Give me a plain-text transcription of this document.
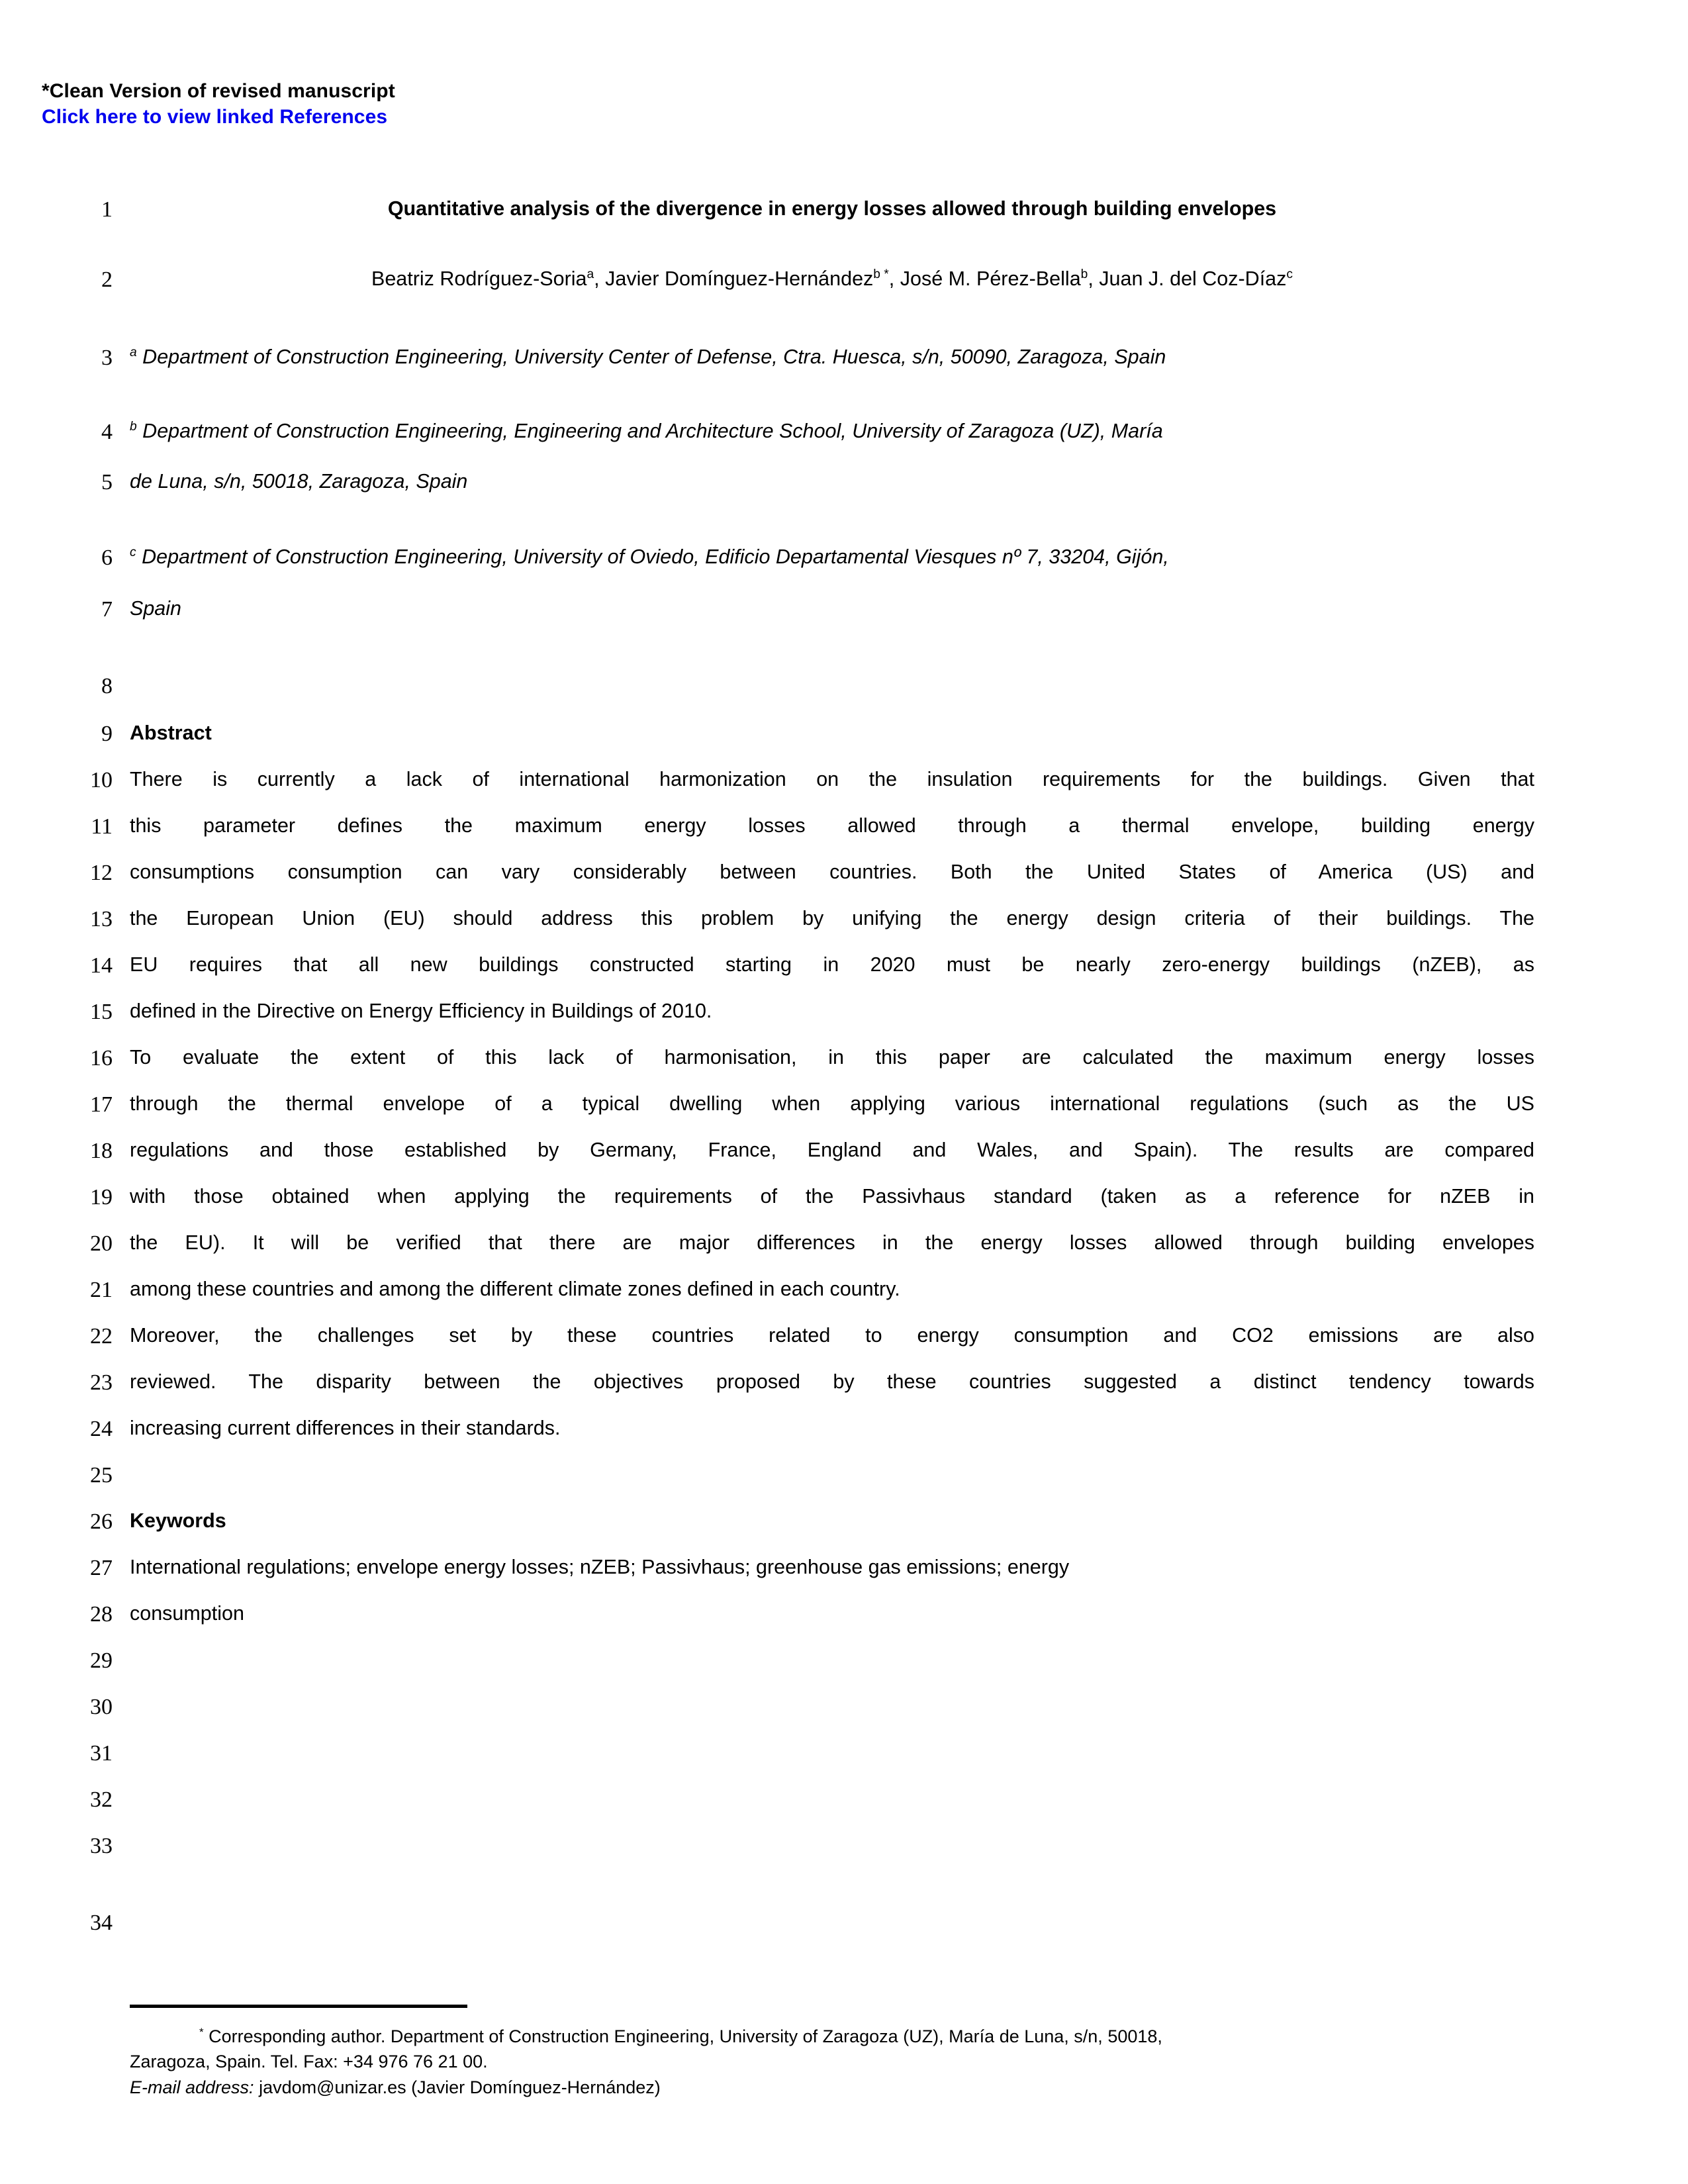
*Clean Version of revised manuscript
Click here to view linked References
1	Quantitative analysis of the divergence in energy losses allowed through building envelopes
2	Beatriz Rodríguez-Soria$^a$, Javier Domínguez-Hernández$^{b *}$, José M. Pérez-Bella$^b$, Juan J. del Coz-Díaz$^c$
3 $^a$ Department of Construction Engineering, University Center of Defense, Ctra. Huesca, s/n, 50090, Zaragoza, Spain
4 $^b$ Department of Construction Engineering, Engineering and Architecture School, University of Zaragoza (UZ), María
5 de Luna, s/n, 50018, Zaragoza, Spain
6 $^c$ Department of Construction Engineering, University of Oviedo, Edificio Departamental Viesques nº 7, 33204, Gijón,
7 Spain
8
9 Abstract
10 There is currently a lack of international harmonization on the insulation requirements for the buildings. Given that
11 this parameter defines the maximum energy losses allowed through a thermal envelope, building energy
12 consumptions consumption can vary considerably between countries. Both the United States of America (US) and
13 the European Union (EU) should address this problem by unifying the energy design criteria of their buildings. The
14 EU requires that all new buildings constructed starting in 2020 must be nearly zero-energy buildings (nZEB), as
15 defined in the Directive on Energy Efficiency in Buildings of 2010.
16 To evaluate the extent of this lack of harmonisation, in this paper are calculated the maximum energy losses
17 through the thermal envelope of a typical dwelling when applying various international regulations (such as the US
18 regulations and those established by Germany, France, England and Wales, and Spain). The results are compared
19 with those obtained when applying the requirements of the Passivhaus standard (taken as a reference for nZEB in
20 the EU). It will be verified that there are major differences in the energy losses allowed through building envelopes
21 among these countries and among the different climate zones defined in each country.
22 Moreover, the challenges set by these countries related to energy consumption and CO2 emissions are also
23 reviewed. The disparity between the objectives proposed by these countries suggested a distinct tendency towards
24 increasing current differences in their standards.
25
26 Keywords
27 International regulations; envelope energy losses; nZEB; Passivhaus; greenhouse gas emissions; energy
28 consumption
29
30
31
32
33
34
* Corresponding author. Department of Construction Engineering, University of Zaragoza (UZ), María de Luna, s/n, 50018,
Zaragoza, Spain. Tel. Fax: +34 976 76 21 00.
E-mail address: javdom@unizar.es (Javier Domínguez-Hernández)
